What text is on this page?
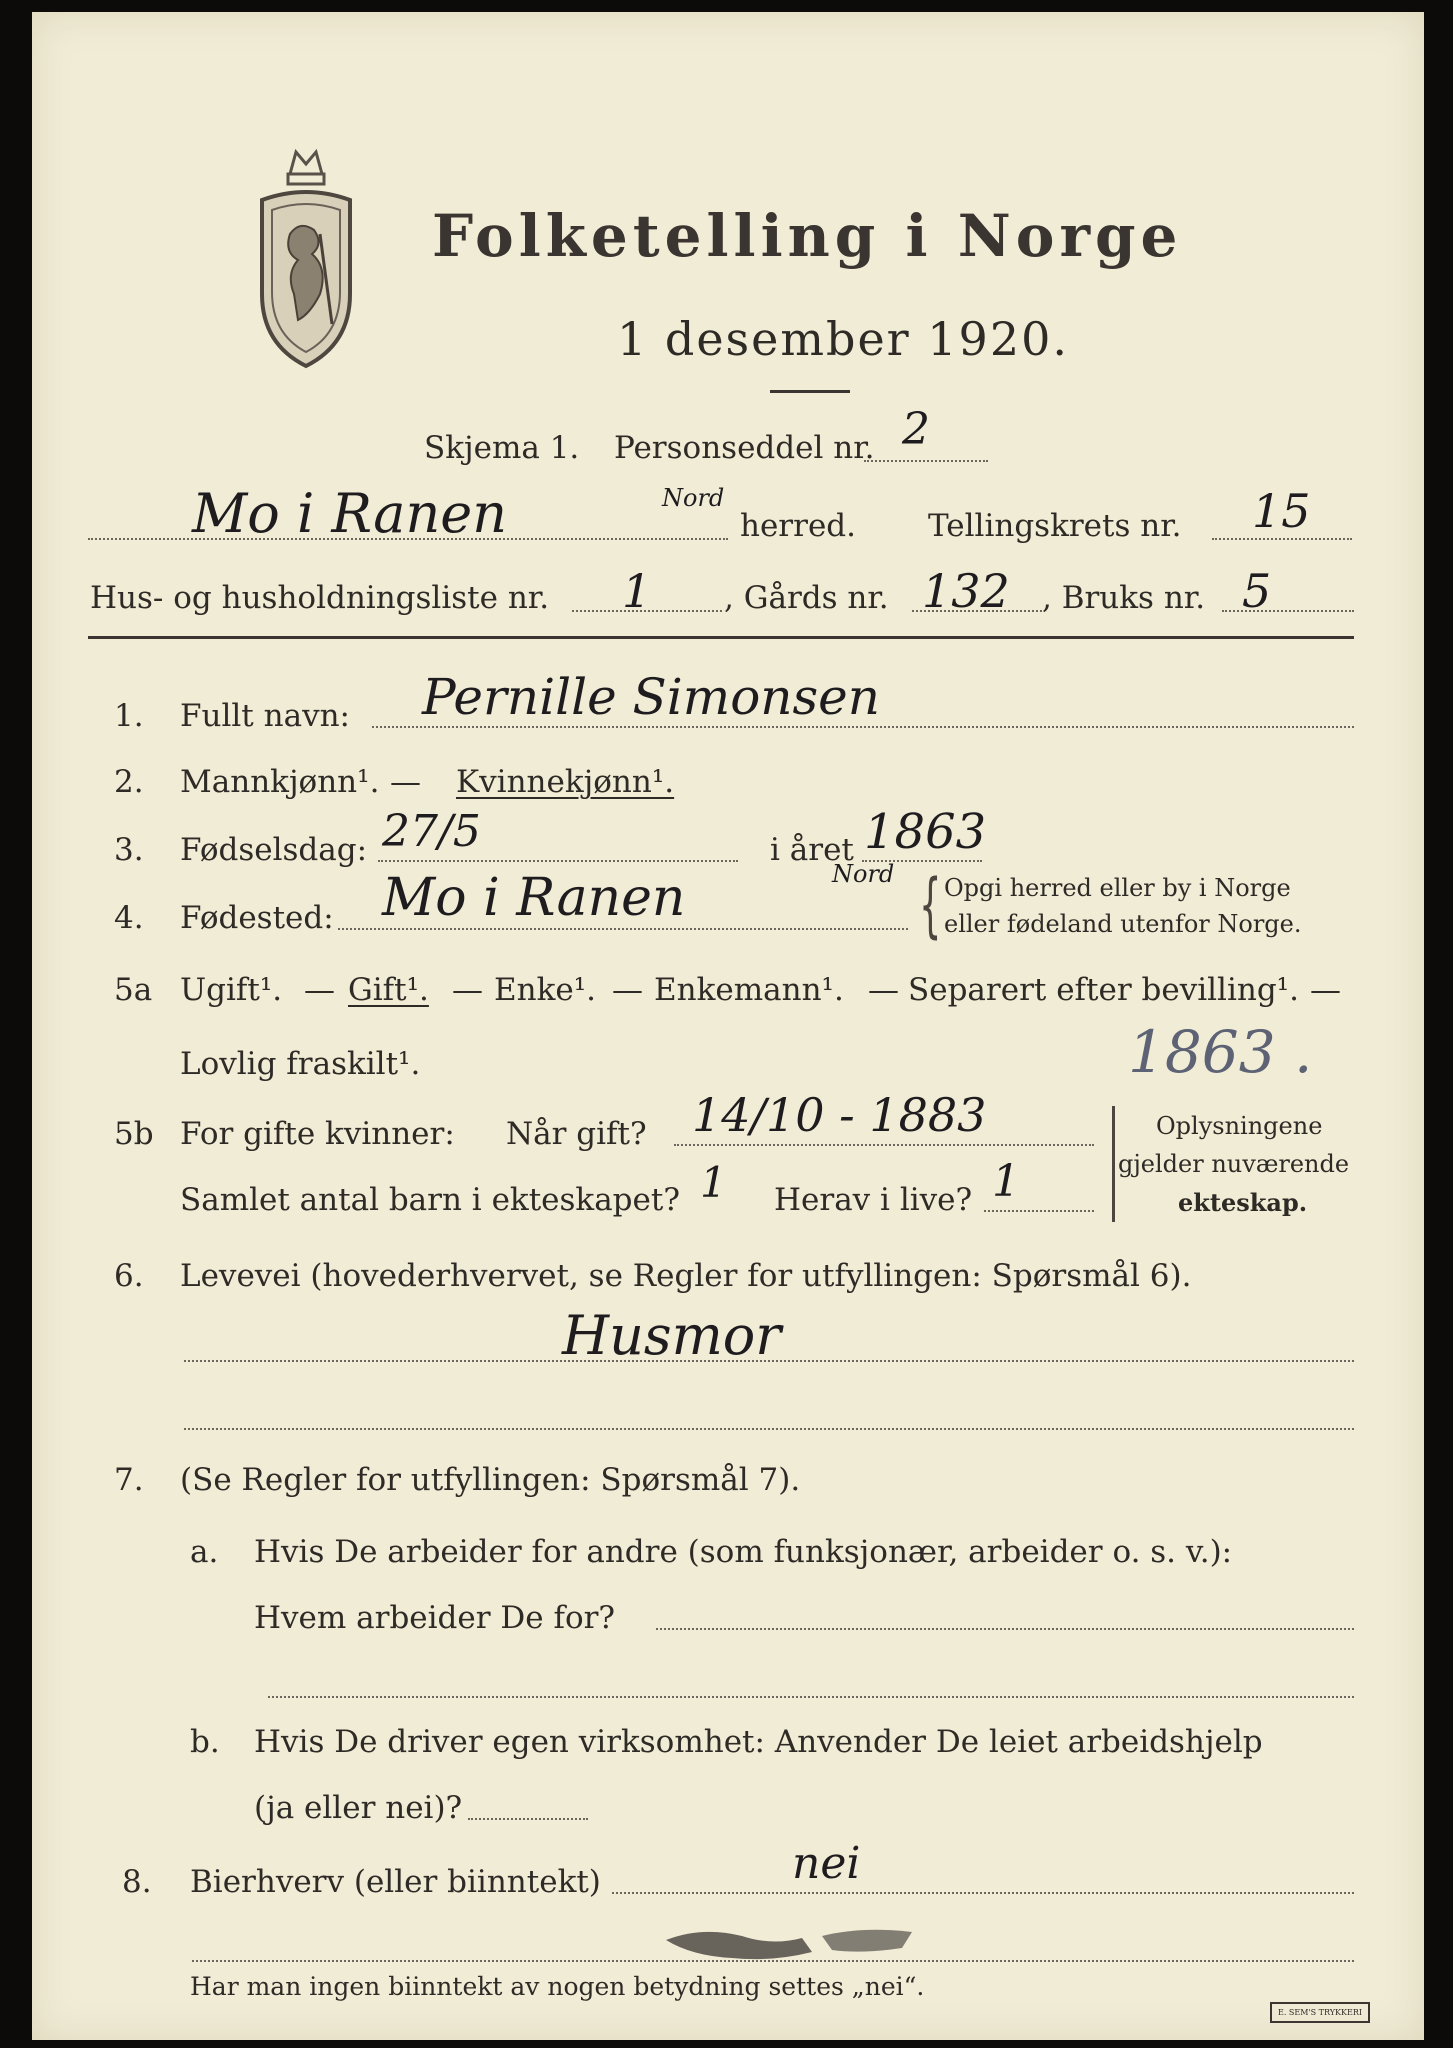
Folketelling i Norge
1 desember 1920.
Skjema 1. Personseddel nr. 2
Mo i Ranen	Nord
herred. Tellingskrets nr. 15
Hus- og husholdningsliste nr. 1 , Gårds nr. 132 , Bruks nr. 5
1. Fullt navn: Pernille Simonsen
2. Mannkjønn¹. — Kvinnekjønn¹.
3. Fødselsdag: 27/5	i året 1863
4. Fødested: Mo i Ranen	Nord { Opgi herred eller by i Norge
eller fødeland utenfor Norge.
5a Ugift¹. — Gift¹. — Enke¹. — Enkemann¹. — Separert efter bevilling¹. —
Lovlig fraskilt¹.	1863 .
5b For gifte kvinner: Når gift? 14/10 - 1883
Samlet antal barn i ekteskapet? 1 Herav i live? 1
Oplysningene
gjelder nuværende
ekteskap.
6. Levevei (hovederhvervet, se Regler for utfyllingen: Spørsmål 6).
Husmor
7. (Se Regler for utfyllingen: Spørsmål 7).
a. Hvis De arbeider for andre (som funksjonær, arbeider o. s. v.):
Hvem arbeider De for?
b. Hvis De driver egen virksomhet: Anvender De leiet arbeidshjelp
(ja eller nei)?
8. Bierhverv (eller biinntekt)	nei
Har man ingen biinntekt av nogen betydning settes „nei“.
E. SEM'S TRYKKERI
